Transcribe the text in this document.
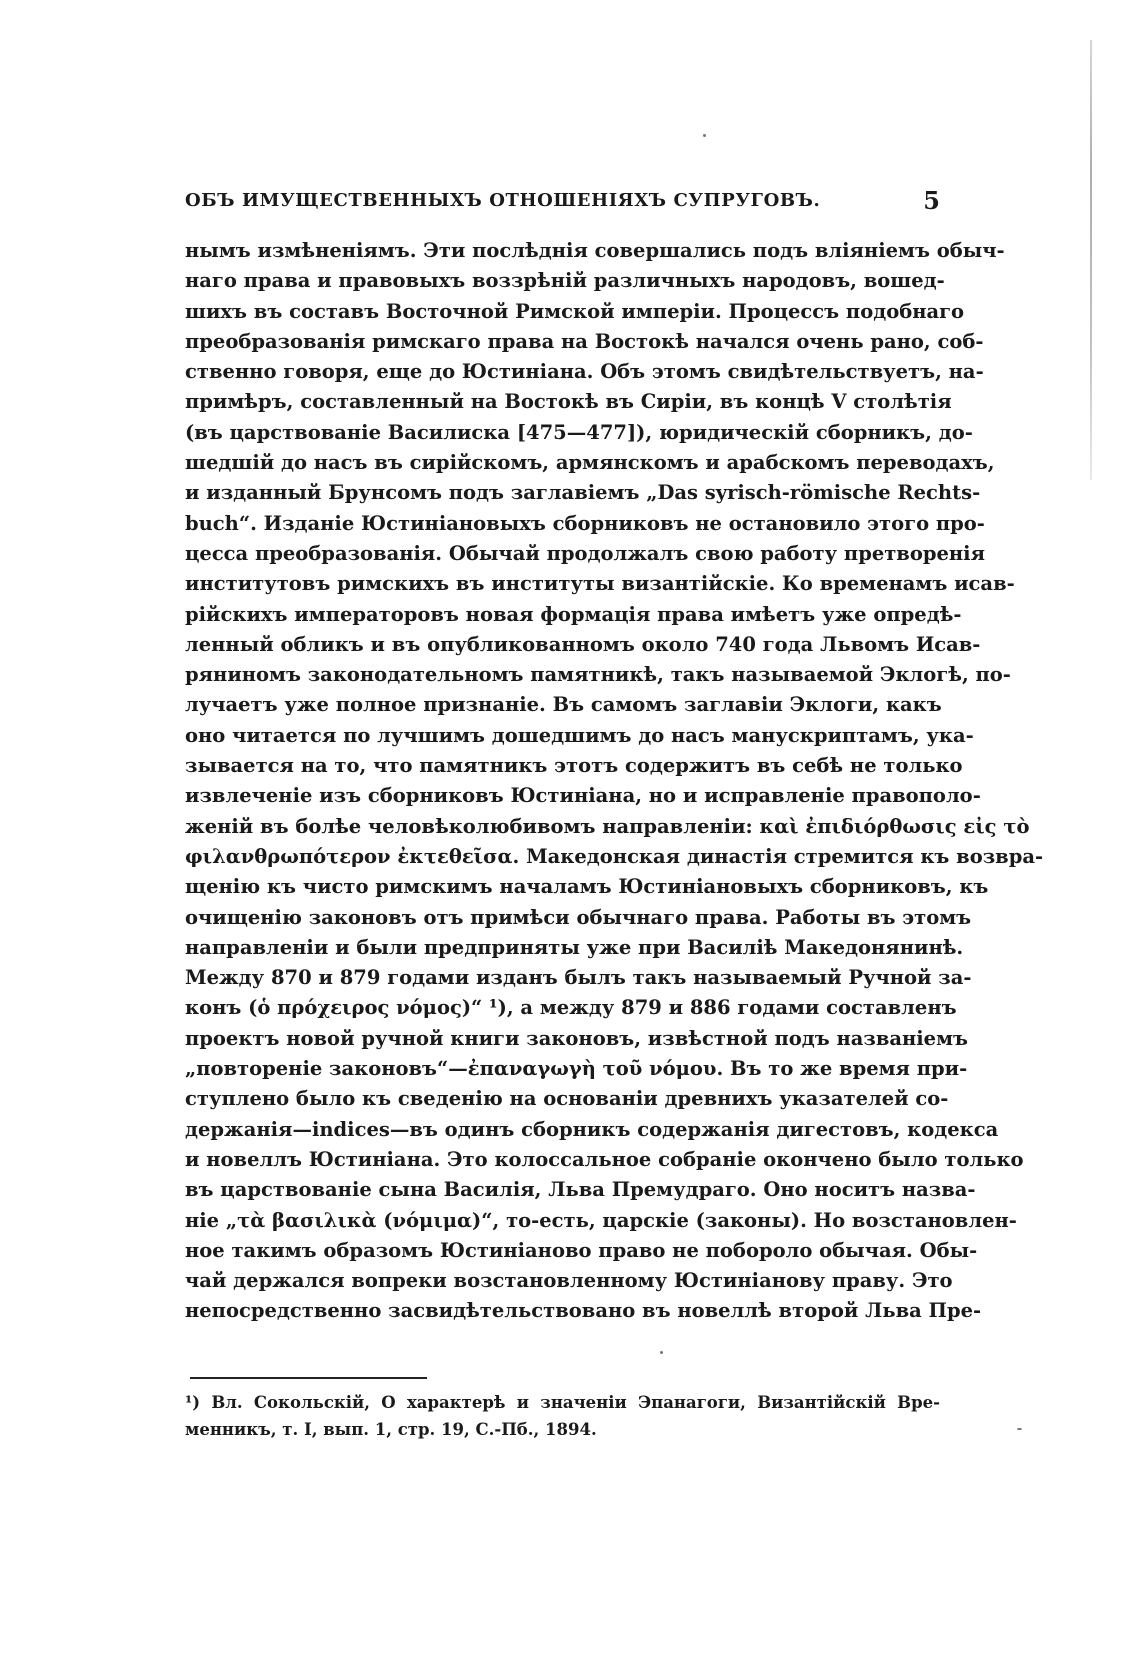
ОБЪ ИМУЩЕСТВЕННЫХЪ ОТНОШЕНІЯХЪ СУПРУГОВЪ.	5
нымъ измѣненіямъ. Эти послѣднія совершались подъ вліяніемъ обыч-
наго права и правовыхъ воззрѣній различныхъ народовъ, вошед-
шихъ въ составъ Восточной Римской имперіи. Процессъ подобнаго
преобразованія римскаго права на Востокѣ начался очень рано, соб-
ственно говоря, еще до Юстиніана. Объ этомъ свидѣтельствуетъ, на-
примѣръ, составленный на Востокѣ въ Сиріи, въ концѣ V столѣтія
(въ царствованіе Василиска [475—477]), юридическій сборникъ, до-
шедшій до насъ въ сирійскомъ, армянскомъ и арабскомъ переводахъ,
и изданный Брунсомъ подъ заглавіемъ „Das syrisch-römische Rechts-
buch“. Изданіе Юстиніановыхъ сборниковъ не остановило этого про-
цесса преобразованія. Обычай продолжалъ свою работу претворенія
институтовъ римскихъ въ институты византійскіе. Ко временамъ исав-
рійскихъ императоровъ новая формація права имѣетъ уже опредѣ-
ленный обликъ и въ опубликованномъ около 740 года Львомъ Исав-
ряниномъ законодательномъ памятникѣ, такъ называемой Эклогѣ, по-
лучаетъ уже полное признаніе. Въ самомъ заглавіи Эклоги, какъ
оно читается по лучшимъ дошедшимъ до насъ манускриптамъ, ука-
зывается на то, что памятникъ этотъ содержитъ въ себѣ не только
извлеченіе изъ сборниковъ Юстиніана, но и исправленіе правополо-
женій въ болѣе человѣколюбивомъ направленіи: καὶ ἐπιδιόρθωσις εἰς τὸ
φιλανθρωπότερον ἐκτεθεῖσα. Македонская династія стремится къ возвра-
щенію къ чисто римскимъ началамъ Юстиніановыхъ сборниковъ, къ
очищенію законовъ отъ примѣси обычнаго права. Работы въ этомъ
направленіи и были предприняты уже при Василіѣ Македонянинѣ.
Между 870 и 879 годами изданъ былъ такъ называемый Ручной за-
конъ (ὁ πρόχειρος νόμος)“ ¹), а между 879 и 886 годами составленъ
проектъ новой ручной книги законовъ, извѣстной подъ названіемъ
„повтореніе законовъ“—ἐπαναγωγὴ τοῦ νόμου. Въ то же время при-
ступлено было къ сведенію на основаніи древнихъ указателей со-
держанія—indices—въ одинъ сборникъ содержанія дигестовъ, кодекса
и новеллъ Юстиніана. Это колоссальное собраніе окончено было только
въ царствованіе сына Василія, Льва Премудраго. Оно носитъ назва-
ніе „τὰ βασιλικὰ (νόμιμα)“, то-есть, царскіе (законы). Но возстановлен-
ное такимъ образомъ Юстиніаново право не побороло обычая. Обы-
чай держался вопреки возстановленному Юстиніанову праву. Это
непосредственно засвидѣтельствовано въ новеллѣ второй Льва Пре-
¹) Вл. Сокольскій, О характерѣ и значеніи Эпанагоги, Византійскій Вре-
менникъ, т. I, вып. 1, стр. 19, С.-Пб., 1894.
